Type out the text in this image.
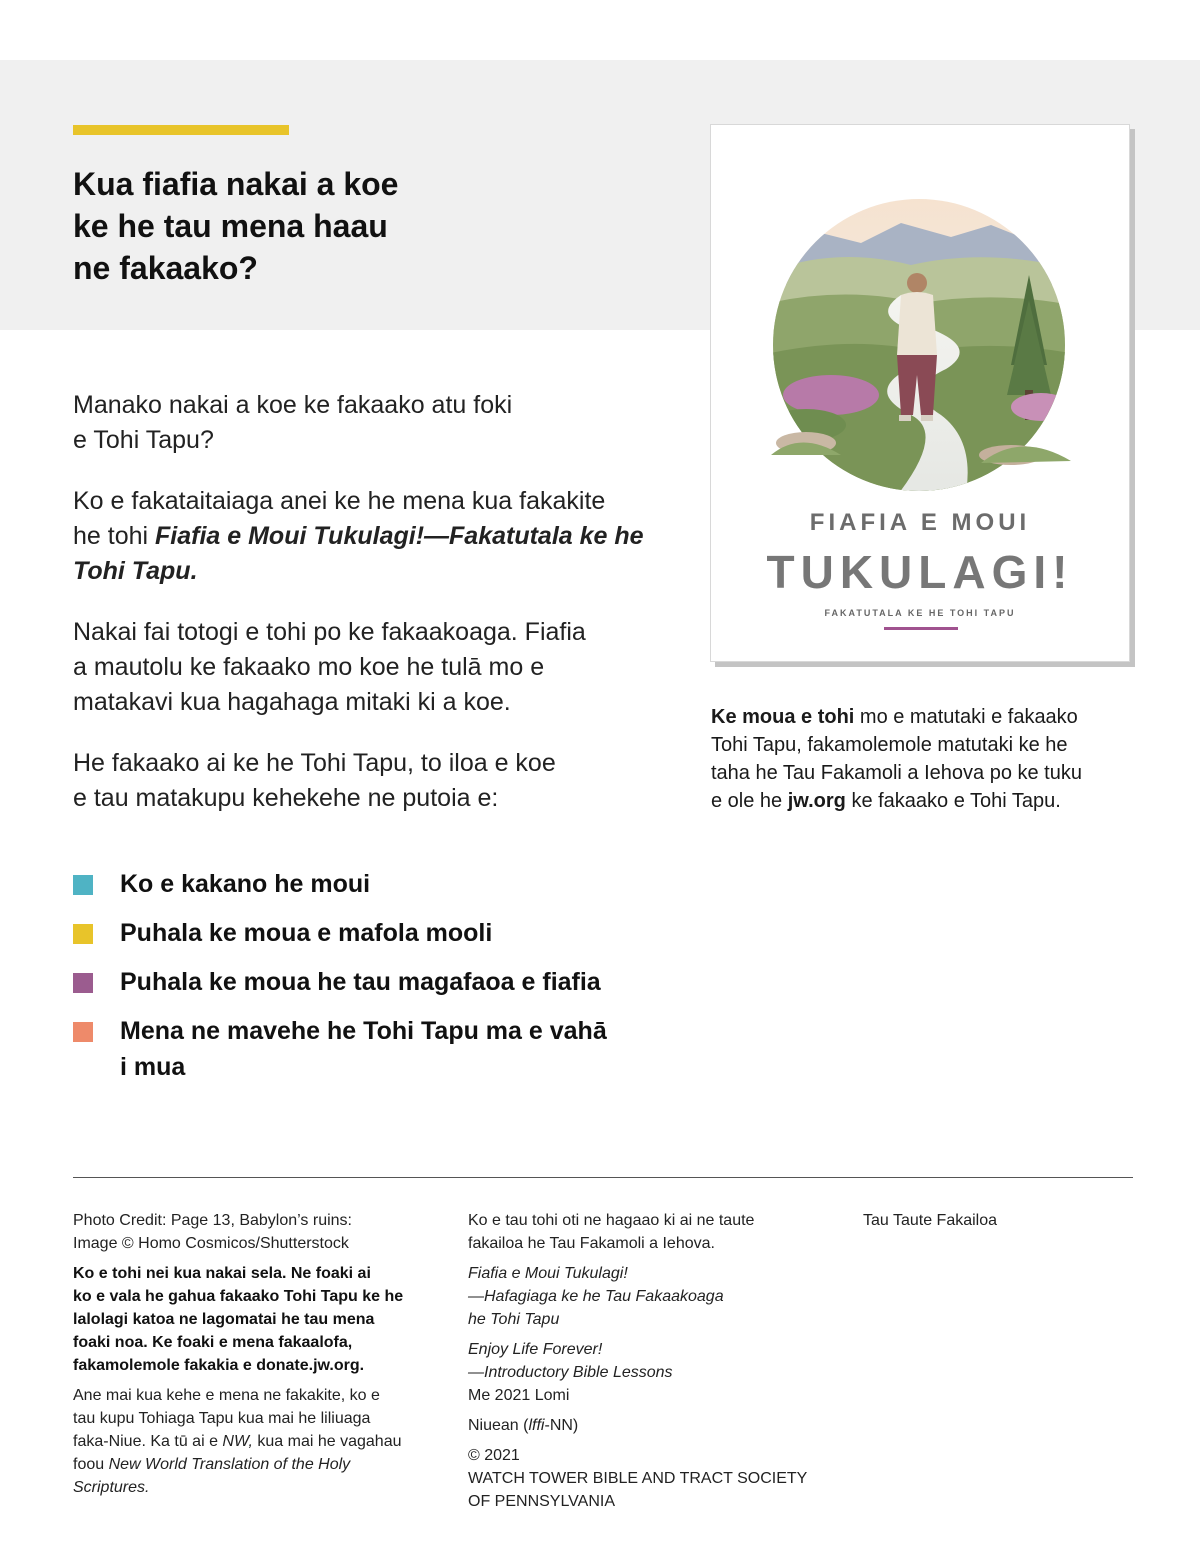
Kua fiafia nakai a koe
ke he tau mena haau
ne fakaako?

Manako nakai a koe ke fakaako atu foki
e Tohi Tapu?

Ko e fakataitaiaga anei ke he mena kua fakakite
he tohi Fiafia e Moui Tukulagi!—Fakatutala ke he
Tohi Tapu.

Nakai fai totogi e tohi po ke fakaakoaga. Fiafia
a mautolu ke fakaako mo koe he tulā mo e
matakavi kua hagahaga mitaki ki a koe.

He fakaako ai ke he Tohi Tapu, to iloa e koe
e tau matakupu kehekehe ne putoia e:

Ko e kakano he moui
Puhala ke moua e mafola mooli
Puhala ke moua he tau magafaoa e fiafia
Mena ne mavehe he Tohi Tapu ma e vahā
i mua
FIAFIA E MOUI
TUKULAGI!
FAKATUTALA KE HE TOHI TAPU
Ke moua e tohi mo e matutaki e fakaako
Tohi Tapu, fakamolemole matutaki ke he
taha he Tau Fakamoli a Iehova po ke tuku
e ole he jw.org ke fakaako e Tohi Tapu.

Photo Credit: Page 13, Babylon’s ruins:
Image © Homo Cosmicos/Shutterstock

Ko e tohi nei kua nakai sela. Ne foaki ai
ko e vala he gahua fakaako Tohi Tapu ke he
lalolagi katoa ne lagomatai he tau mena
foaki noa. Ke foaki e mena fakaalofa,
fakamolemole fakakia e donate.jw.org.

Ane mai kua kehe e mena ne fakakite, ko e
tau kupu Tohiaga Tapu kua mai he liliuaga
faka-Niue. Ka tū ai e NW, kua mai he vagahau
foou New World Translation of the Holy
Scriptures.

Ko e tau tohi oti ne hagaao ki ai ne taute
fakailoa he Tau Fakamoli a Iehova.

Fiafia e Moui Tukulagi!
—Hafagiaga ke he Tau Fakaakoaga
he Tohi Tapu

Enjoy Life Forever!
—Introductory Bible Lessons
Me 2021 Lomi

Niuean (lffi-NN)

© 2021
WATCH TOWER BIBLE AND TRACT SOCIETY
OF PENNSYLVANIA

Tau Taute Fakailoa
